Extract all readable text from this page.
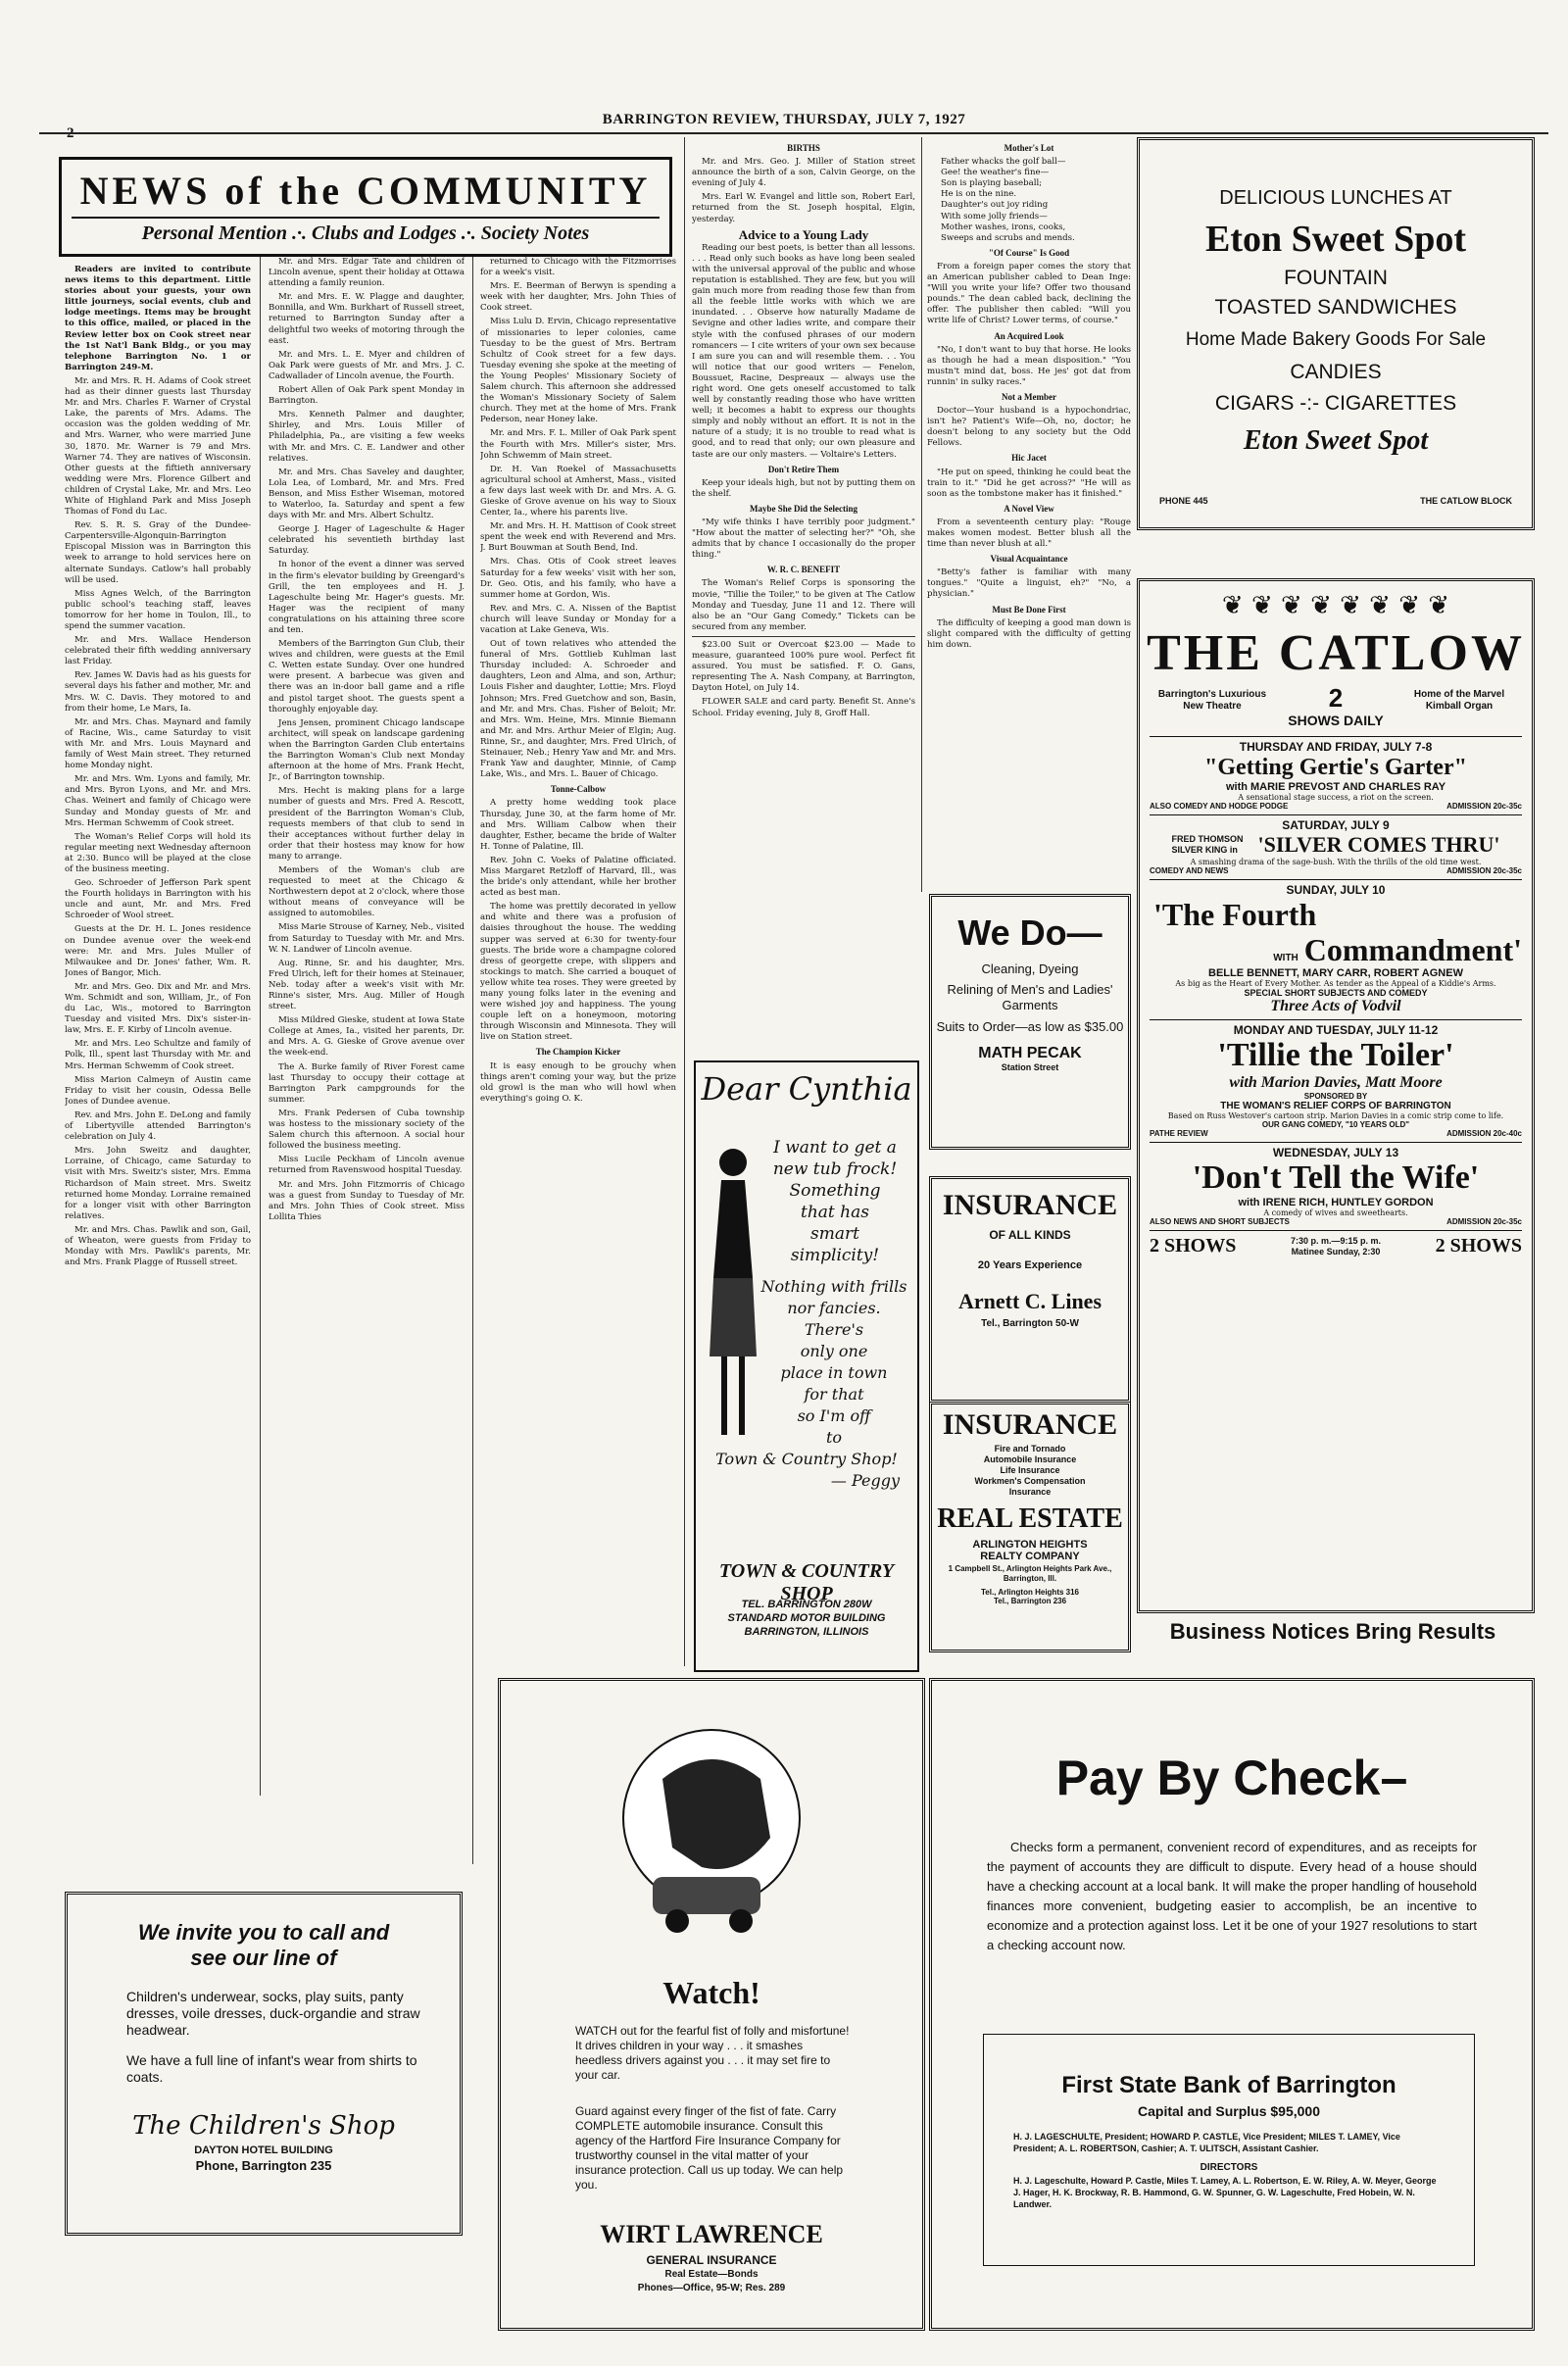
BARRINGTON REVIEW, THURSDAY, JULY 7, 1927
NEWS of the COMMUNITY
Personal Mention .·. Clubs and Lodges .·. Society Notes

Readers are invited to contribute news items to this department. Little stories about your guests, your own little journeys, social events, club and lodge meetings. Items may be brought to this office, mailed, or placed in the Review letter box on Cook street near the 1st Nat'l Bank Bldg., or you may telephone Barrington No. 1 or Barrington 249-M.

Mr. and Mrs. R. H. Adams of Cook street had as their dinner guests last Thursday Mr. and Mrs. Charles F. Warner of Crystal Lake, the parents of Mrs. Adams. The occasion was the golden wedding of Mr. and Mrs. Warner, who were married June 30, 1870. Mr. Warner is 79 and Mrs. Warner 74. They are natives of Wisconsin. Other guests at the fiftieth anniversary wedding were Mrs. Florence Gilbert and children of Crystal Lake, Mr. and Mrs. Leo White of Highland Park and Miss Joseph Thomas of Fond du Lac.

Rev. S. R. S. Gray of the Dundee-Carpentersville-Algonquin-Barrington Episcopal Mission was in Barrington this week to arrange to hold services here on alternate Sundays. Catlow's hall probably will be used.

Miss Agnes Welch, of the Barrington public school's teaching staff, leaves tomorrow for her home in Toulon, Ill., to spend the summer vacation.

Mr. and Mrs. Wallace Henderson celebrated their fifth wedding anniversary last Friday.

Rev. James W. Davis had as his guests for several days his father and mother, Mr. and Mrs. W. C. Davis. They motored to and from their home, Le Mars, Ia.

Mr. and Mrs. Chas. Maynard and family of Racine, Wis., came Saturday to visit with Mr. and Mrs. Louis Maynard and family of West Main street. They returned home Monday night.

Mr. and Mrs. Wm. Lyons and family, Mr. and Mrs. Byron Lyons, and Mr. and Mrs. Chas. Weinert and family of Chicago were Sunday and Monday guests of Mr. and Mrs. Herman Schwemm of Cook street.

The Woman's Relief Corps will hold its regular meeting next Wednesday afternoon at 2:30. Bunco will be played at the close of the business meeting.

Geo. Schroeder of Jefferson Park spent the Fourth holidays in Barrington with his uncle and aunt, Mr. and Mrs. Fred Schroeder of Wool street.

Guests at the Dr. H. L. Jones residence on Dundee avenue over the week-end were: Mr. and Mrs. Jules Muller of Milwaukee and Dr. Jones' father, Wm. R. Jones of Bangor, Mich.

Mr. and Mrs. Geo. Dix and Mr. and Mrs. Wm. Schmidt and son, William, Jr., of Fon du Lac, Wis., motored to Barrington Tuesday and visited Mrs. Dix's sister-in-law, Mrs. E. F. Kirby of Lincoln avenue.

Mr. and Mrs. Leo Schultze and family of Polk, Ill., spent last Thursday with Mr. and Mrs. Herman Schwemm of Cook street.

Miss Marion Calmeyn of Austin came Friday to visit her cousin, Odessa Belle Jones of Dundee avenue.

Rev. and Mrs. John E. DeLong and family of Libertyville attended Barrington's celebration on July 4.

Mrs. John Sweitz and daughter, Lorraine, of Chicago, came Saturday to visit with Mrs. Sweitz's sister, Mrs. Emma Richardson of Main street. Mrs. Sweitz returned home Monday. Lorraine remained for a longer visit with other Barrington relatives.

Mr. and Mrs. Chas. Pawlik and son, Gail, of Wheaton, were guests from Friday to Monday with Mrs. Pawlik's parents, Mr. and Mrs. Frank Plagge of Russell street.

Mr. and Mrs. Edgar Tate and children of Lincoln avenue, spent their holiday at Ottawa attending a family reunion.

Mr. and Mrs. E. W. Plagge and daughter, Bonnilla, and Wm. Burkhart of Russell street, returned to Barrington Sunday after a delightful two weeks of motoring through the east.

Mr. and Mrs. L. E. Myer and children of Oak Park were guests of Mr. and Mrs. J. C. Cadwallader of Lincoln avenue, the Fourth.

Robert Allen of Oak Park spent Monday in Barrington.

Mrs. Kenneth Palmer and daughter, Shirley, and Mrs. Louis Miller of Philadelphia, Pa., are visiting a few weeks with Mr. and Mrs. C. E. Landwer and other relatives.

Mr. and Mrs. Chas Saveley and daughter, Lola Lea, of Lombard, Mr. and Mrs. Fred Benson, and Miss Esther Wiseman, motored to Waterloo, Ia. Saturday and spent a few days with Mr. and Mrs. Albert Schultz.

George J. Hager of Lageschulte & Hager celebrated his seventieth birthday last Saturday.

In honor of the event a dinner was served in the firm's elevator building by Greengard's Grill, the ten employees and H. J. Lageschulte being Mr. Hager's guests. Mr. Hager was the recipient of many congratulations on his attaining three score and ten.

Members of the Barrington Gun Club, their wives and children, were guests at the Emil C. Wetten estate Sunday. Over one hundred were present. A barbecue was given and there was an in-door ball game and a rifle and pistol target shoot. The guests spent a thoroughly enjoyable day.

Jens Jensen, prominent Chicago landscape architect, will speak on landscape gardening when the Barrington Garden Club entertains the Barrington Woman's Club next Monday afternoon at the home of Mrs. Frank Hecht, Jr., of Barrington township.

Mrs. Hecht is making plans for a large number of guests and Mrs. Fred A. Rescott, president of the Barrington Woman's Club, requests members of that club to send in their acceptances without further delay in order that their hostess may know for how many to arrange.

Members of the Woman's club are requested to meet at the Chicago & Northwestern depot at 2 o'clock, where those without means of conveyance will be assigned to automobiles.

Miss Marie Strouse of Karney, Neb., visited from Saturday to Tuesday with Mr. and Mrs. W. N. Landwer of Lincoln avenue.

Aug. Rinne, Sr. and his daughter, Mrs. Fred Ulrich, left for their homes at Steinauer, Neb. today after a week's visit with Mr. Rinne's sister, Mrs. Aug. Miller of Hough street.

Miss Mildred Gieske, student at Iowa State College at Ames, Ia., visited her parents, Dr. and Mrs. A. G. Gieske of Grove avenue over the week-end.

The A. Burke family of River Forest came last Thursday to occupy their cottage at Barrington Park campgrounds for the summer.

Mrs. Frank Pedersen of Cuba township was hostess to the missionary society of the Salem church this afternoon. A social hour followed the business meeting.

Miss Lucile Peckham of Lincoln avenue returned from Ravenswood hospital Tuesday.

Mr. and Mrs. John Fitzmorris of Chicago was a guest from Sunday to Tuesday of Mr. and Mrs. John Thies of Cook street. Miss Lollita Thies

returned to Chicago with the Fitzmorrises for a week's visit.

Mrs. E. Beerman of Berwyn is spending a week with her daughter, Mrs. John Thies of Cook street.

Miss Lulu D. Ervin, Chicago representative of missionaries to leper colonies, came Tuesday to be the guest of Mrs. Bertram Schultz of Cook street for a few days. Tuesday evening she spoke at the meeting of the Young Peoples' Missionary Society of Salem church. This afternoon she addressed the Woman's Missionary Society of Salem church. They met at the home of Mrs. Frank Pederson, near Honey lake.

Mr. and Mrs. F. L. Miller of Oak Park spent the Fourth with Mrs. Miller's sister, Mrs. John Schwemm of Main street.

Dr. H. Van Roekel of Massachusetts agricultural school at Amherst, Mass., visited a few days last week with Dr. and Mrs. A. G. Gieske of Grove avenue on his way to Sioux Center, Ia., where his parents live.

Mr. and Mrs. H. H. Mattison of Cook street spent the week end with Reverend and Mrs. J. Burt Bouwman at South Bend, Ind.

Mrs. Chas. Otis of Cook street leaves Saturday for a few weeks' visit with her son, Dr. Geo. Otis, and his family, who have a summer home at Gordon, Wis.

Rev. and Mrs. C. A. Nissen of the Baptist church will leave Sunday or Monday for a vacation at Lake Geneva, Wis.

Out of town relatives who attended the funeral of Mrs. Gottlieb Kuhlman last Thursday included: A. Schroeder and daughters, Leon and Alma, and son, Arthur; Louis Fisher and daughter, Lottie; Mrs. Floyd Johnson; Mrs. Fred Guetchow and son, Basin, and Mr. and Mrs. Chas. Fisher of Beloit; Mr. and Mrs. Wm. Heine, Mrs. Minnie Biemann and Mr. and Mrs. Arthur Meier of Elgin; Aug. Rinne, Sr., and daughter, Mrs. Fred Ulrich, of Steinauer, Neb.; Henry Yaw and Mr. and Mrs. Frank Yaw and daughter, Minnie, of Camp Lake, Wis., and Mrs. L. Bauer of Chicago.

Tonne-Calbow

A pretty home wedding took place Thursday, June 30, at the farm home of Mr. and Mrs. William Calbow when their daughter, Esther, became the bride of Walter H. Tonne of Palatine, Ill.

Rev. John C. Voeks of Palatine officiated. Miss Margaret Retzloff of Harvard, Ill., was the bride's only attendant, while her brother acted as best man.

The home was prettily decorated in yellow and white and there was a profusion of daisies throughout the house. The wedding supper was served at 6:30 for twenty-four guests. The bride wore a champagne colored dress of georgette crepe, with slippers and stockings to match. She carried a bouquet of yellow white tea roses. They were greeted by many young folks later in the evening and were wished joy and happiness. The young couple left on a honeymoon, motoring through Wisconsin and Minnesota. They will live on Station street.

The Champion Kicker

It is easy enough to be grouchy when things aren't coming your way, but the prize old growl is the man who will howl when everything's going O. K.

BIRTHS

Mr. and Mrs. Geo. J. Miller of Station street announce the birth of a son, Calvin George, on the evening of July 4.

Mrs. Earl W. Evangel and little son, Robert Earl, returned from the St. Joseph hospital, Elgin, yesterday.

Advice to a Young Lady

Reading our best poets, is better than all lessons. . . . Read only such books as have long been sealed with the universal approval of the public and whose reputation is established. They are few, but you will gain much more from reading those few than from all the feeble little works with which we are inundated. . . Observe how naturally Madame de Sevigne and other ladies write, and compare their style with the confused phrases of our modern romancers — I cite writers of your own sex because I am sure you can and will resemble them. . . You will notice that our good writers — Fenelon, Boussuet, Racine, Despreaux — always use the right word. One gets oneself accustomed to talk well by constantly reading those who have written well; it becomes a habit to express our thoughts simply and nobly without an effort. It is not in the nature of a study; it is no trouble to read what is good, and to read that only; our own pleasure and taste are our only masters. — Voltaire's Letters.

Don't Retire Them

Keep your ideals high, but not by putting them on the shelf.

Maybe She Did the Selecting

"My wife thinks I have terribly poor judgment." "How about the matter of selecting her?" "Oh, she admits that by chance I occasionally do the proper thing."

W. R. C. BENEFIT

The Woman's Relief Corps is sponsoring the movie, "Tillie the Toiler," to be given at The Catlow Monday and Tuesday, June 11 and 12. There will also be an "Our Gang Comedy." Tickets can be secured from any member.

$23.00 Suit or Overcoat $23.00 — Made to measure, guaranteed 100% pure wool. Perfect fit assured. You must be satisfied. F. O. Gans, representing The A. Nash Company, at Barrington, Dayton Hotel, on July 14.

FLOWER SALE and card party. Benefit St. Anne's School. Friday evening, July 8, Groff Hall.

Mother's Lot
Father whacks the golf ball—
Gee! the weather's fine—
Son is playing baseball;
He is on the nine.
Daughter's out joy riding
With some jolly friends—
Mother washes, irons, cooks,
Sweeps and scrubs and mends.
"Of Course" Is Good

From a foreign paper comes the story that an American publisher cabled to Dean Inge: "Will you write your life? Offer two thousand pounds." The dean cabled back, declining the offer. The publisher then cabled: "Will you write life of Christ? Lower terms, of course."

An Acquired Look

"No, I don't want to buy that horse. He looks as though he had a mean disposition." "You mustn't mind dat, boss. He jes' got dat from runnin' in sulky races."

Not a Member

Doctor—Your husband is a hypochondriac, isn't he? Patient's Wife—Oh, no, doctor; he doesn't belong to any society but the Odd Fellows.

Hic Jacet

"He put on speed, thinking he could beat the train to it." "Did he get across?" "He will as soon as the tombstone maker has it finished."

A Novel View

From a seventeenth century play: "Rouge makes women modest. Better blush all the time than never blush at all."

Visual Acquaintance

"Betty's father is familiar with many tongues." "Quite a linguist, eh?" "No, a physician."

Must Be Done First

The difficulty of keeping a good man down is slight compared with the difficulty of getting him down.

DELICIOUS LUNCHES AT
Eton Sweet Spot
FOUNTAIN
TOASTED SANDWICHES
Home Made Bakery Goods For Sale
CANDIES
CIGARS -:- CIGARETTES
Eton Sweet Spot
PHONE 445	THE CATLOW BLOCK
❦ ❦ ❦ ❦ ❦ ❦ ❦ ❦
THE CATLOW
Barrington's Luxurious New Theatre	2	Home of the Marvel Kimball Organ
SHOWS DAILY
THURSDAY AND FRIDAY, JULY 7-8
"Getting Gertie's Garter"
with MARIE PREVOST AND CHARLES RAY
A sensational stage success, a riot on the screen.
ALSO COMEDY AND HODGE PODGE	ADMISSION 20c-35c
SATURDAY, JULY 9
FRED THOMSON SILVER KING in 'SILVER COMES THRU'
A smashing drama of the sage-bush. With the thrills of the old time west.
COMEDY AND NEWS	ADMISSION 20c-35c
SUNDAY, JULY 10
'The Fourth
WITH Commandment'
BELLE BENNETT, MARY CARR, ROBERT AGNEW
As big as the Heart of Every Mother. As tender as the Appeal of a Kiddie's Arms.
SPECIAL SHORT SUBJECTS AND COMEDY
Three Acts of Vodvil
MONDAY AND TUESDAY, JULY 11-12
'Tillie the Toiler'
with Marion Davies, Matt Moore
SPONSORED BY
THE WOMAN'S RELIEF CORPS OF BARRINGTON
Based on Russ Westover's cartoon strip. Marion Davies in a comic strip come to life.
OUR GANG COMEDY, "10 YEARS OLD"
PATHE REVIEW	ADMISSION 20c-40c
WEDNESDAY, JULY 13
'Don't Tell the Wife'
with IRENE RICH, HUNTLEY GORDON
A comedy of wives and sweethearts.
ALSO NEWS AND SHORT SUBJECTS	ADMISSION 20c-35c
2 SHOWS	7:30 p. m.—9:15 p. m. Matinee Sunday, 2:30	2 SHOWS
Business Notices Bring Results
We Do—
Cleaning, Dyeing
Relining of Men's and Ladies' Garments
Suits to Order—as low as $35.00
MATH PECAK
Station Street
INSURANCE
OF ALL KINDS
20 Years Experience
Arnett C. Lines
Tel., Barrington 50-W
INSURANCE
Fire and Tornado
Automobile Insurance
Life Insurance
Workmen's Compensation
Insurance
REAL ESTATE
ARLINGTON HEIGHTS
REALTY COMPANY
1 Campbell St., Arlington Heights Park Ave., Barrington, Ill.
Tel., Arlington Heights 316
Tel., Barrington 236
Dear Cynthia
I want to get a
new tub frock!
Something
that has
smart
simplicity!
Nothing with frills
nor fancies. There's
only one
place in town
for that
so I'm off
to
Town & Country Shop!
— Peggy
TOWN & COUNTRY SHOP
TEL. BARRINGTON 280W
STANDARD MOTOR BUILDING
BARRINGTON, ILLINOIS
We invite you to call and
see our line of
Children's underwear, socks, play suits, panty dresses, voile dresses, duck-organdie and straw headwear.
We have a full line of infant's wear from shirts to coats.
The Children's Shop
DAYTON HOTEL BUILDING
Phone, Barrington 235
Watch!
WATCH out for the fearful fist of folly and misfortune! It drives children in your way . . . it smashes heedless drivers against you . . . it may set fire to your car.
Guard against every finger of the fist of fate. Carry COMPLETE automobile insurance. Consult this agency of the Hartford Fire Insurance Company for trustworthy counsel in the vital matter of your insurance protection. Call us up today. We can help you.
WIRT LAWRENCE
GENERAL INSURANCE
Real Estate—Bonds
Phones—Office, 95-W; Res. 289
Pay By Check–
Checks form a permanent, convenient record of expenditures, and as receipts for the payment of accounts they are difficult to dispute. Every head of a house should have a checking account at a local bank. It will make the proper handling of household finances more convenient, budgeting easier to accomplish, be an incentive to economize and a protection against loss. Let it be one of your 1927 resolutions to start a checking account now.
First State Bank of Barrington
Capital and Surplus $95,000
H. J. LAGESCHULTE, President; HOWARD P. CASTLE, Vice President; MILES T. LAMEY, Vice President; A. L. ROBERTSON, Cashier; A. T. ULITSCH, Assistant Cashier.
DIRECTORS
H. J. Lageschulte, Howard P. Castle, Miles T. Lamey, A. L. Robertson, E. W. Riley, A. W. Meyer, George J. Hager, H. K. Brockway, R. B. Hammond, G. W. Spunner, G. W. Lageschulte, Fred Hobein, W. N. Landwer.
